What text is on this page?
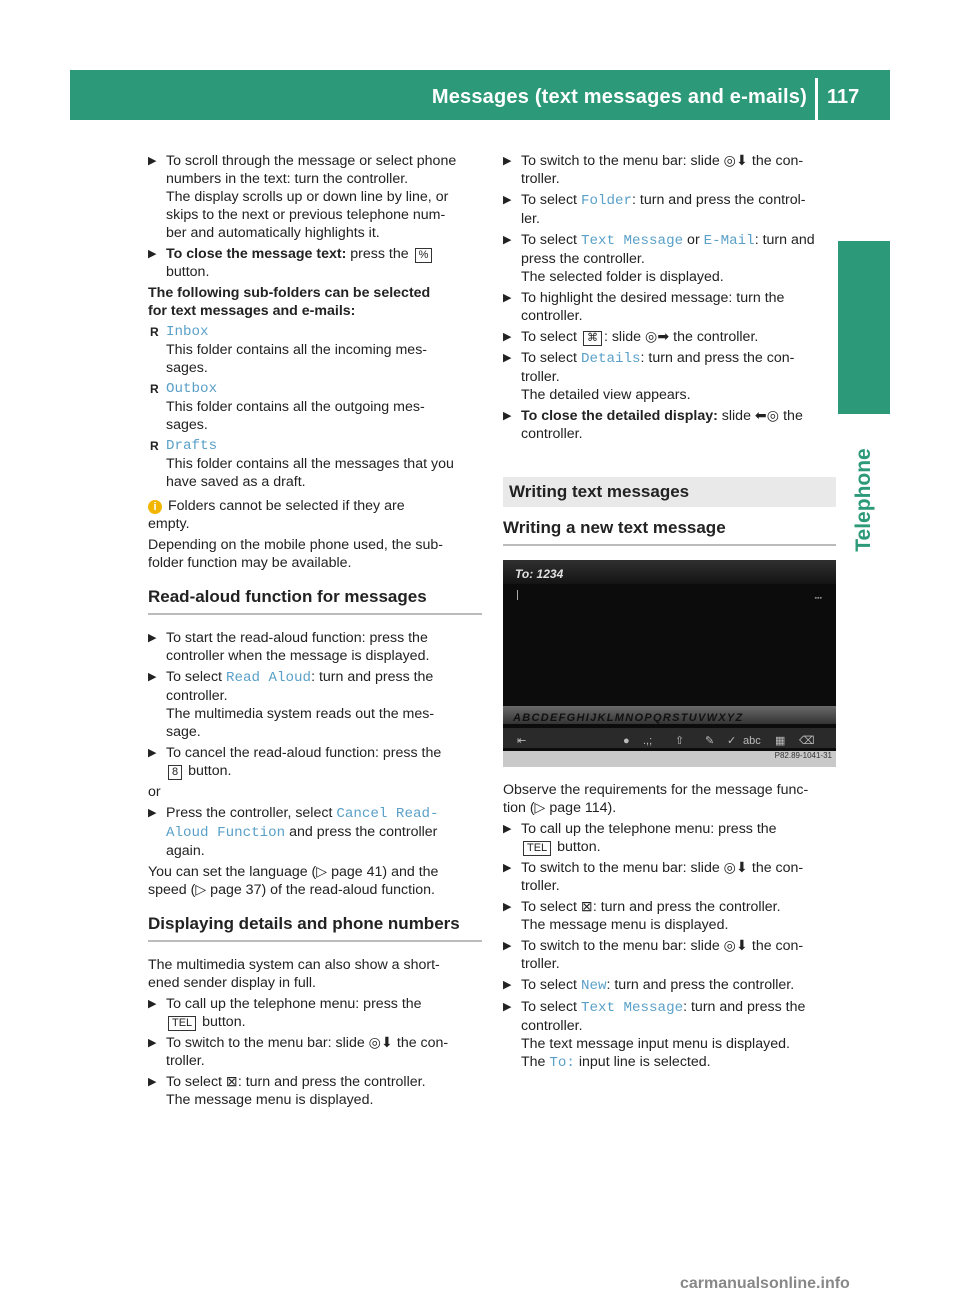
Messages (text messages and e-mails) 117
Telephone
▶ To scroll through the message or select phone
numbers in the text: turn the controller.
The display scrolls up or down line by line, or
skips to the next or previous telephone num-
ber and automatically highlights it.
▶ To close the message text: press the %
button.
The following sub-folders can be selected
for text messages and e-mails:
R Inbox
This folder contains all the incoming mes-
sages.
R Outbox
This folder contains all the outgoing mes-
sages.
R Drafts
This folder contains all the messages that you
have saved as a draft.
i Folders cannot be selected if they are
empty.
Depending on the mobile phone used, the sub-
folder function may be available.
Read-aloud function for messages
▶ To start the read-aloud function: press the
controller when the message is displayed.
▶ To select Read Aloud: turn and press the
controller.
The multimedia system reads out the mes-
sage.
▶ To cancel the read-aloud function: press the
8 button.
or
▶ Press the controller, select Cancel Read-
Aloud Function and press the controller
again.
You can set the language (▷ page 41) and the
speed (▷ page 37) of the read-aloud function.
Displaying details and phone numbers
The multimedia system can also show a short-
ened sender display in full.
▶ To call up the telephone menu: press the
TEL button.
▶ To switch to the menu bar: slide ◎⬇ the con-
troller.
▶ To select ⊠: turn and press the controller.
The message menu is displayed.
▶ To switch to the menu bar: slide ◎⬇ the con-
troller.
▶ To select Folder: turn and press the control-
ler.
▶ To select Text Message or E-Mail: turn and
press the controller.
The selected folder is displayed.
▶ To highlight the desired message: turn the
controller.
▶ To select ⌘ : slide ◎➡ the controller.
▶ To select Details: turn and press the con-
troller.
The detailed view appears.
▶ To close the detailed display: slide ⬅◎ the
controller.
Writing text messages
Writing a new text message
To: 1234
▪▪▪
ABCDEFGHIJKLMNOPQRSTUVWXYZ
⇤	● .,; ⇧ ✎ ✓ abc ▦ ⌫
P82.89-1041-31
Observe the requirements for the message func-
tion (▷ page 114).
▶ To call up the telephone menu: press the
TEL button.
▶ To switch to the menu bar: slide ◎⬇ the con-
troller.
▶ To select ⊠: turn and press the controller.
The message menu is displayed.
▶ To switch to the menu bar: slide ◎⬇ the con-
troller.
▶ To select New: turn and press the controller.
▶ To select Text Message: turn and press the
controller.
The text message input menu is displayed.
The To: input line is selected.
carmanualsonline.info
